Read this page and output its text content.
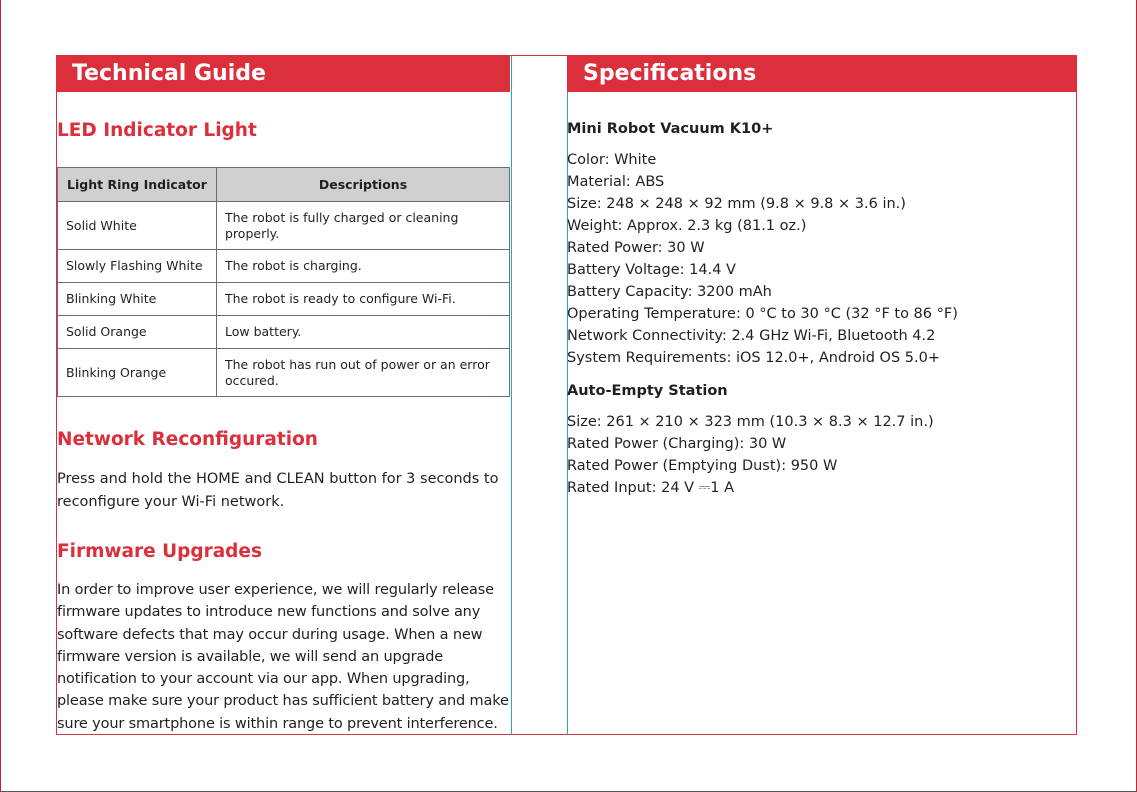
Technical Guide	Specifications
LED Indicator Light
Light Ring Indicator	Descriptions
Solid White	The robot is fully charged or cleaning properly.
Slowly Flashing White	The robot is charging.
Blinking White	The robot is ready to configure Wi-Fi.
Solid Orange	Low battery.
Blinking Orange	The robot has run out of power or an error occured.
Network Reconfiguration
Press and hold the HOME and CLEAN button for 3 seconds to
reconfigure your Wi-Fi network.
Firmware Upgrades
In order to improve user experience, we will regularly release
firmware updates to introduce new functions and solve any
software defects that may occur during usage. When a new
firmware version is available, we will send an upgrade
notification to your account via our app. When upgrading,
please make sure your product has sufficient battery and make
sure your smartphone is within range to prevent interference.
Mini Robot Vacuum K10+
Color: White
Material: ABS
Size: 248 × 248 × 92 mm (9.8 × 9.8 × 3.6 in.)
Weight: Approx. 2.3 kg (81.1 oz.)
Rated Power: 30 W
Battery Voltage: 14.4 V
Battery Capacity: 3200 mAh
Operating Temperature: 0 °C to 30 °C (32 °F to 86 °F)
Network Connectivity: 2.4 GHz Wi-Fi, Bluetooth 4.2
System Requirements: iOS 12.0+, Android OS 5.0+
Auto-Empty Station
Size: 261 × 210 × 323 mm (10.3 × 8.3 × 12.7 in.)
Rated Power (Charging): 30 W
Rated Power (Emptying Dust): 950 W
Rated Input: 24 V ⎓1 A
